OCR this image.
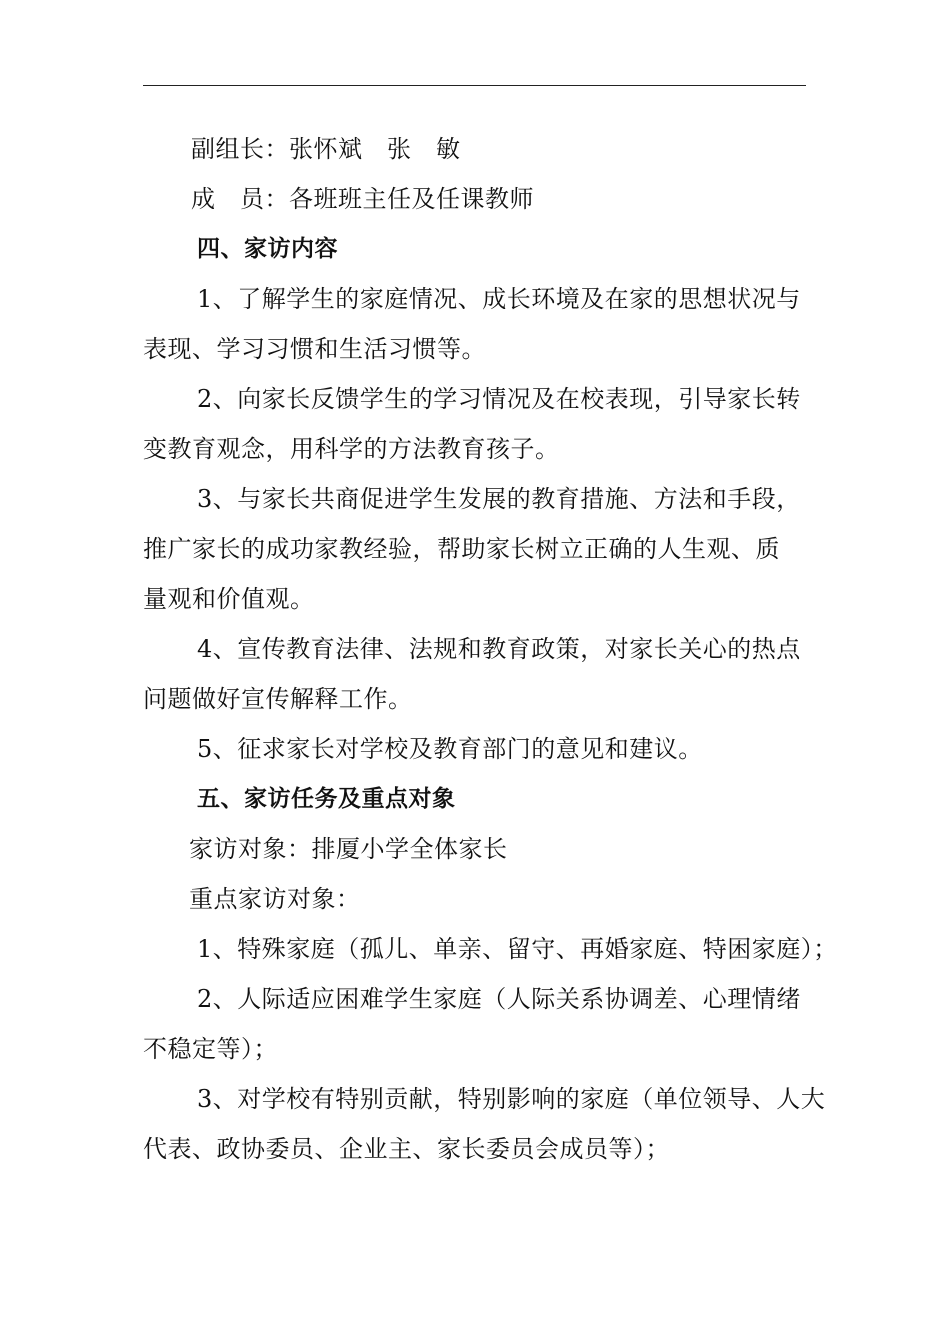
副组长：张怀斌　张　敏
成　员：各班班主任及任课教师
四、家访内容
1、了解学生的家庭情况、成长环境及在家的思想状况与
表现、学习习惯和生活习惯等。
2、向家长反馈学生的学习情况及在校表现，引导家长转
变教育观念，用科学的方法教育孩子。
3、与家长共商促进学生发展的教育措施、方法和手段，
推广家长的成功家教经验，帮助家长树立正确的人生观、质
量观和价值观。
4、宣传教育法律、法规和教育政策，对家长关心的热点
问题做好宣传解释工作。
5、征求家长对学校及教育部门的意见和建议。
五、家访任务及重点对象
家访对象：排厦小学全体家长
重点家访对象：
1、特殊家庭（孤儿、单亲、留守、再婚家庭、特困家庭）；
2、人际适应困难学生家庭（人际关系协调差、心理情绪
不稳定等）；
3、对学校有特别贡献，特别影响的家庭（单位领导、人大
代表、政协委员、企业主、家长委员会成员等）；
